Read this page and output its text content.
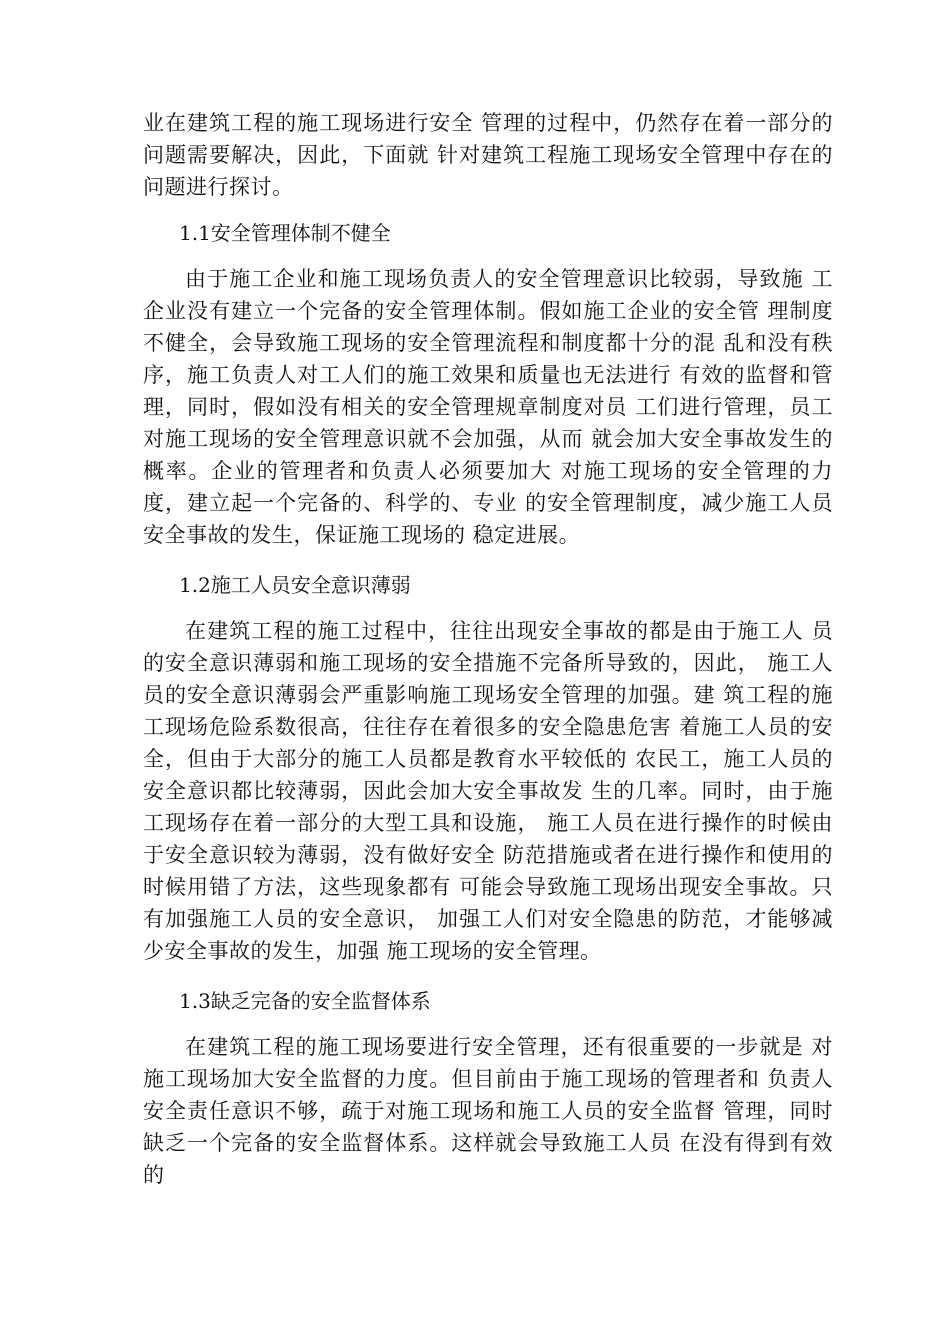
业在建筑工程的施工现场进行安全 管理的过程中，仍然存在着一部分的问题需要解决，因此，下面就 针对建筑工程施工现场安全管理中存在的问题进行探讨。

1.1安全管理体制不健全

由于施工企业和施工现场负责人的安全管理意识比较弱，导致施 工企业没有建立一个完备的安全管理体制。假如施工企业的安全管 理制度不健全，会导致施工现场的安全管理流程和制度都十分的混 乱和没有秩序，施工负责人对工人们的施工效果和质量也无法进行 有效的监督和管理，同时，假如没有相关的安全管理规章制度对员 工们进行管理，员工对施工现场的安全管理意识就不会加强，从而 就会加大安全事故发生的概率。企业的管理者和负责人必须要加大 对施工现场的安全管理的力度，建立起一个完备的、科学的、专业 的安全管理制度，减少施工人员安全事故的发生，保证施工现场的 稳定进展。

1.2施工人员安全意识薄弱

在建筑工程的施工过程中，往往出现安全事故的都是由于施工人 员的安全意识薄弱和施工现场的安全措施不完备所导致的，因此， 施工人员的安全意识薄弱会严重影响施工现场安全管理的加强。建 筑工程的施工现场危险系数很高，往往存在着很多的安全隐患危害 着施工人员的安全，但由于大部分的施工人员都是教育水平较低的 农民工，施工人员的安全意识都比较薄弱，因此会加大安全事故发 生的几率。同时，由于施工现场存在着一部分的大型工具和设施， 施工人员在进行操作的时候由于安全意识较为薄弱，没有做好安全 防范措施或者在进行操作和使用的时候用错了方法，这些现象都有 可能会导致施工现场出现安全事故。只有加强施工人员的安全意识， 加强工人们对安全隐患的防范，才能够减少安全事故的发生，加强 施工现场的安全管理。

1.3缺乏完备的安全监督体系

在建筑工程的施工现场要进行安全管理，还有很重要的一步就是 对施工现场加大安全监督的力度。但目前由于施工现场的管理者和 负责人安全责任意识不够，疏于对施工现场和施工人员的安全监督 管理，同时缺乏一个完备的安全监督体系。这样就会导致施工人员 在没有得到有效的
